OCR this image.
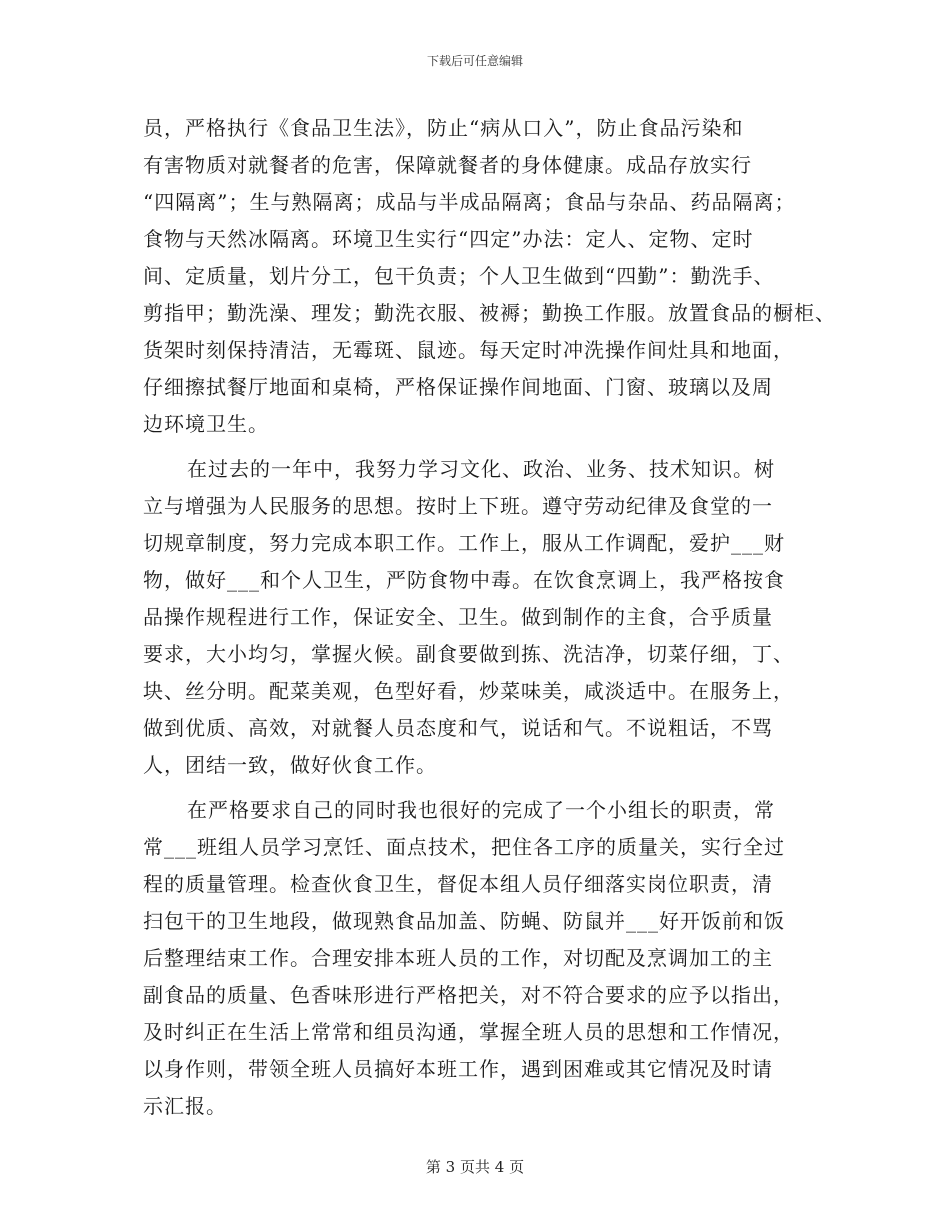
下载后可任意编辑
员，严格执行《食品卫生法》，防止“病从口入”，防止食品污染和
有害物质对就餐者的危害，保障就餐者的身体健康。成品存放实行
“四隔离”；生与熟隔离；成品与半成品隔离；食品与杂品、药品隔离；
食物与天然冰隔离。环境卫生实行“四定”办法：定人、定物、定时
间、定质量，划片分工，包干负责；个人卫生做到“四勤”：勤洗手、
剪指甲；勤洗澡、理发；勤洗衣服、被褥；勤换工作服。放置食品的橱柜、
货架时刻保持清洁，无霉斑、鼠迹。每天定时冲洗操作间灶具和地面，
仔细擦拭餐厅地面和桌椅，严格保证操作间地面、门窗、玻璃以及周
边环境卫生。
在过去的一年中，我努力学习文化、政治、业务、技术知识。树
立与增强为人民服务的思想。按时上下班。遵守劳动纪律及食堂的一
切规章制度，努力完成本职工作。工作上，服从工作调配，爱护___财
物，做好___和个人卫生，严防食物中毒。在饮食烹调上，我严格按食
品操作规程进行工作，保证安全、卫生。做到制作的主食，合乎质量
要求，大小均匀，掌握火候。副食要做到拣、洗洁净，切菜仔细，丁、
块、丝分明。配菜美观，色型好看，炒菜味美，咸淡适中。在服务上，
做到优质、高效，对就餐人员态度和气，说话和气。不说粗话，不骂
人，团结一致，做好伙食工作。
在严格要求自己的同时我也很好的完成了一个小组长的职责，常
常___班组人员学习烹饪、面点技术，把住各工序的质量关，实行全过
程的质量管理。检查伙食卫生，督促本组人员仔细落实岗位职责，清
扫包干的卫生地段，做现熟食品加盖、防蝇、防鼠并___好开饭前和饭
后整理结束工作。合理安排本班人员的工作，对切配及烹调加工的主
副食品的质量、色香味形进行严格把关，对不符合要求的应予以指出，
及时纠正在生活上常常和组员沟通，掌握全班人员的思想和工作情况，
以身作则，带领全班人员搞好本班工作，遇到困难或其它情况及时请
示汇报。
第 3 页共 4 页
